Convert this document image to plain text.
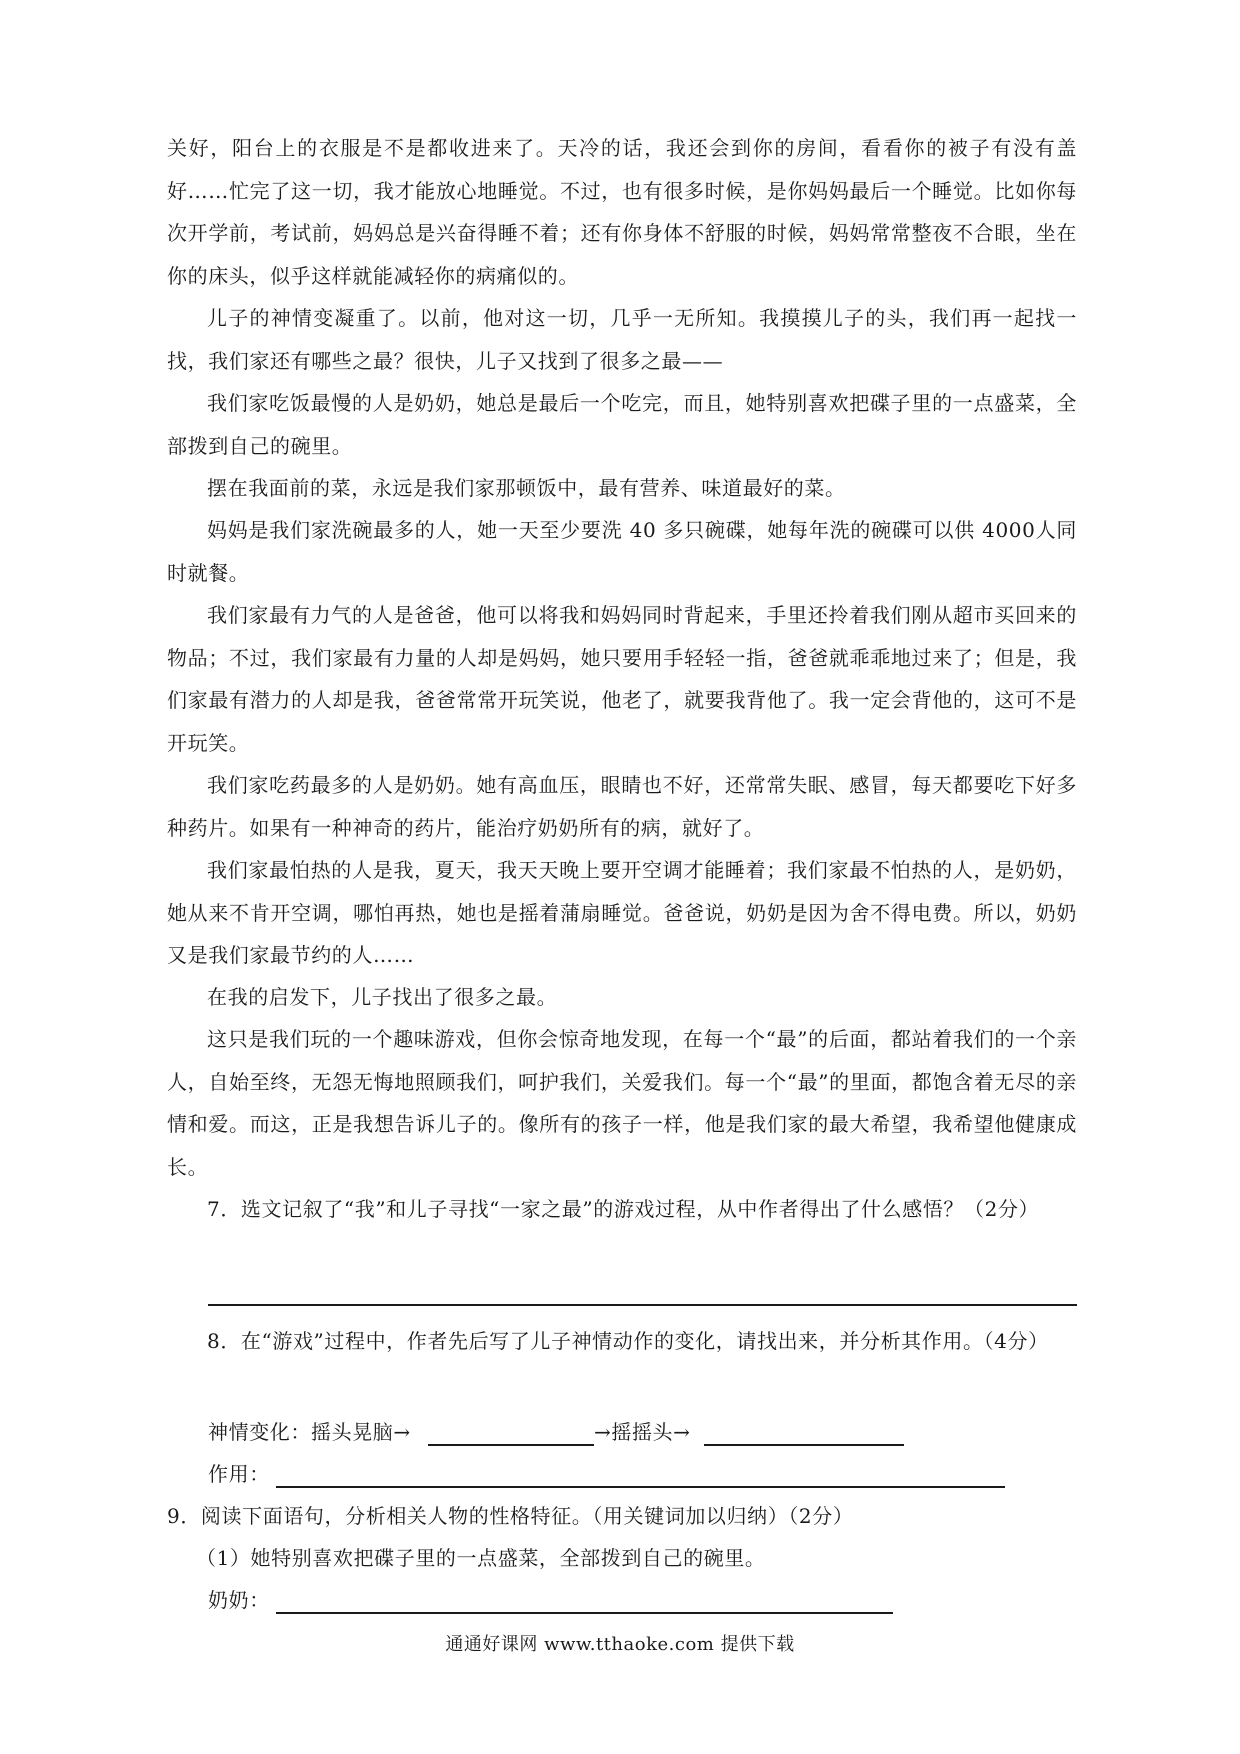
关好，阳台上的衣服是不是都收进来了。天冷的话，我还会到你的房间，看看你的被子有没有盖好……忙完了这一切，我才能放心地睡觉。不过，也有很多时候，是你妈妈最后一个睡觉。比如你每次开学前，考试前，妈妈总是兴奋得睡不着；还有你身体不舒服的时候，妈妈常常整夜不合眼，坐在你的床头，似乎这样就能减轻你的病痛似的。

儿子的神情变凝重了。以前，他对这一切，几乎一无所知。我摸摸儿子的头，我们再一起找一找，我们家还有哪些之最？很快，儿子又找到了很多之最——

我们家吃饭最慢的人是奶奶，她总是最后一个吃完，而且，她特别喜欢把碟子里的一点盛菜，全部拨到自己的碗里。

摆在我面前的菜，永远是我们家那顿饭中，最有营养、味道最好的菜。

妈妈是我们家洗碗最多的人，她一天至少要洗 40 多只碗碟，她每年洗的碗碟可以供 4000人同时就餐。

我们家最有力气的人是爸爸，他可以将我和妈妈同时背起来，手里还拎着我们刚从超市买回来的物品；不过，我们家最有力量的人却是妈妈，她只要用手轻轻一指，爸爸就乖乖地过来了；但是，我们家最有潜力的人却是我，爸爸常常开玩笑说，他老了，就要我背他了。我一定会背他的，这可不是开玩笑。

我们家吃药最多的人是奶奶。她有高血压，眼睛也不好，还常常失眠、感冒，每天都要吃下好多种药片。如果有一种神奇的药片，能治疗奶奶所有的病，就好了。

我们家最怕热的人是我，夏天，我天天晚上要开空调才能睡着；我们家最不怕热的人，是奶奶，她从来不肯开空调，哪怕再热，她也是摇着蒲扇睡觉。爸爸说，奶奶是因为舍不得电费。所以，奶奶又是我们家最节约的人……

在我的启发下，儿子找出了很多之最。

这只是我们玩的一个趣味游戏，但你会惊奇地发现，在每一个“最”的后面，都站着我们的一个亲人，自始至终，无怨无悔地照顾我们，呵护我们，关爱我们。每一个“最”的里面，都饱含着无尽的亲情和爱。而这，正是我想告诉儿子的。像所有的孩子一样，他是我们家的最大希望，我希望他健康成长。

7．选文记叙了“我”和儿子寻找“一家之最”的游戏过程，从中作者得出了什么感悟？（2分）

8．在“游戏”过程中，作者先后写了儿子神情动作的变化，请找出来，并分析其作用。（4分）

神情变化：摇头晃脑→	→摇摇头→
作用：
9．阅读下面语句，分析相关人物的性格特征。（用关键词加以归纳）（2分）
（1）她特别喜欢把碟子里的一点盛菜，全部拨到自己的碗里。
奶奶：
通通好课网 www.tthaoke.com 提供下载
